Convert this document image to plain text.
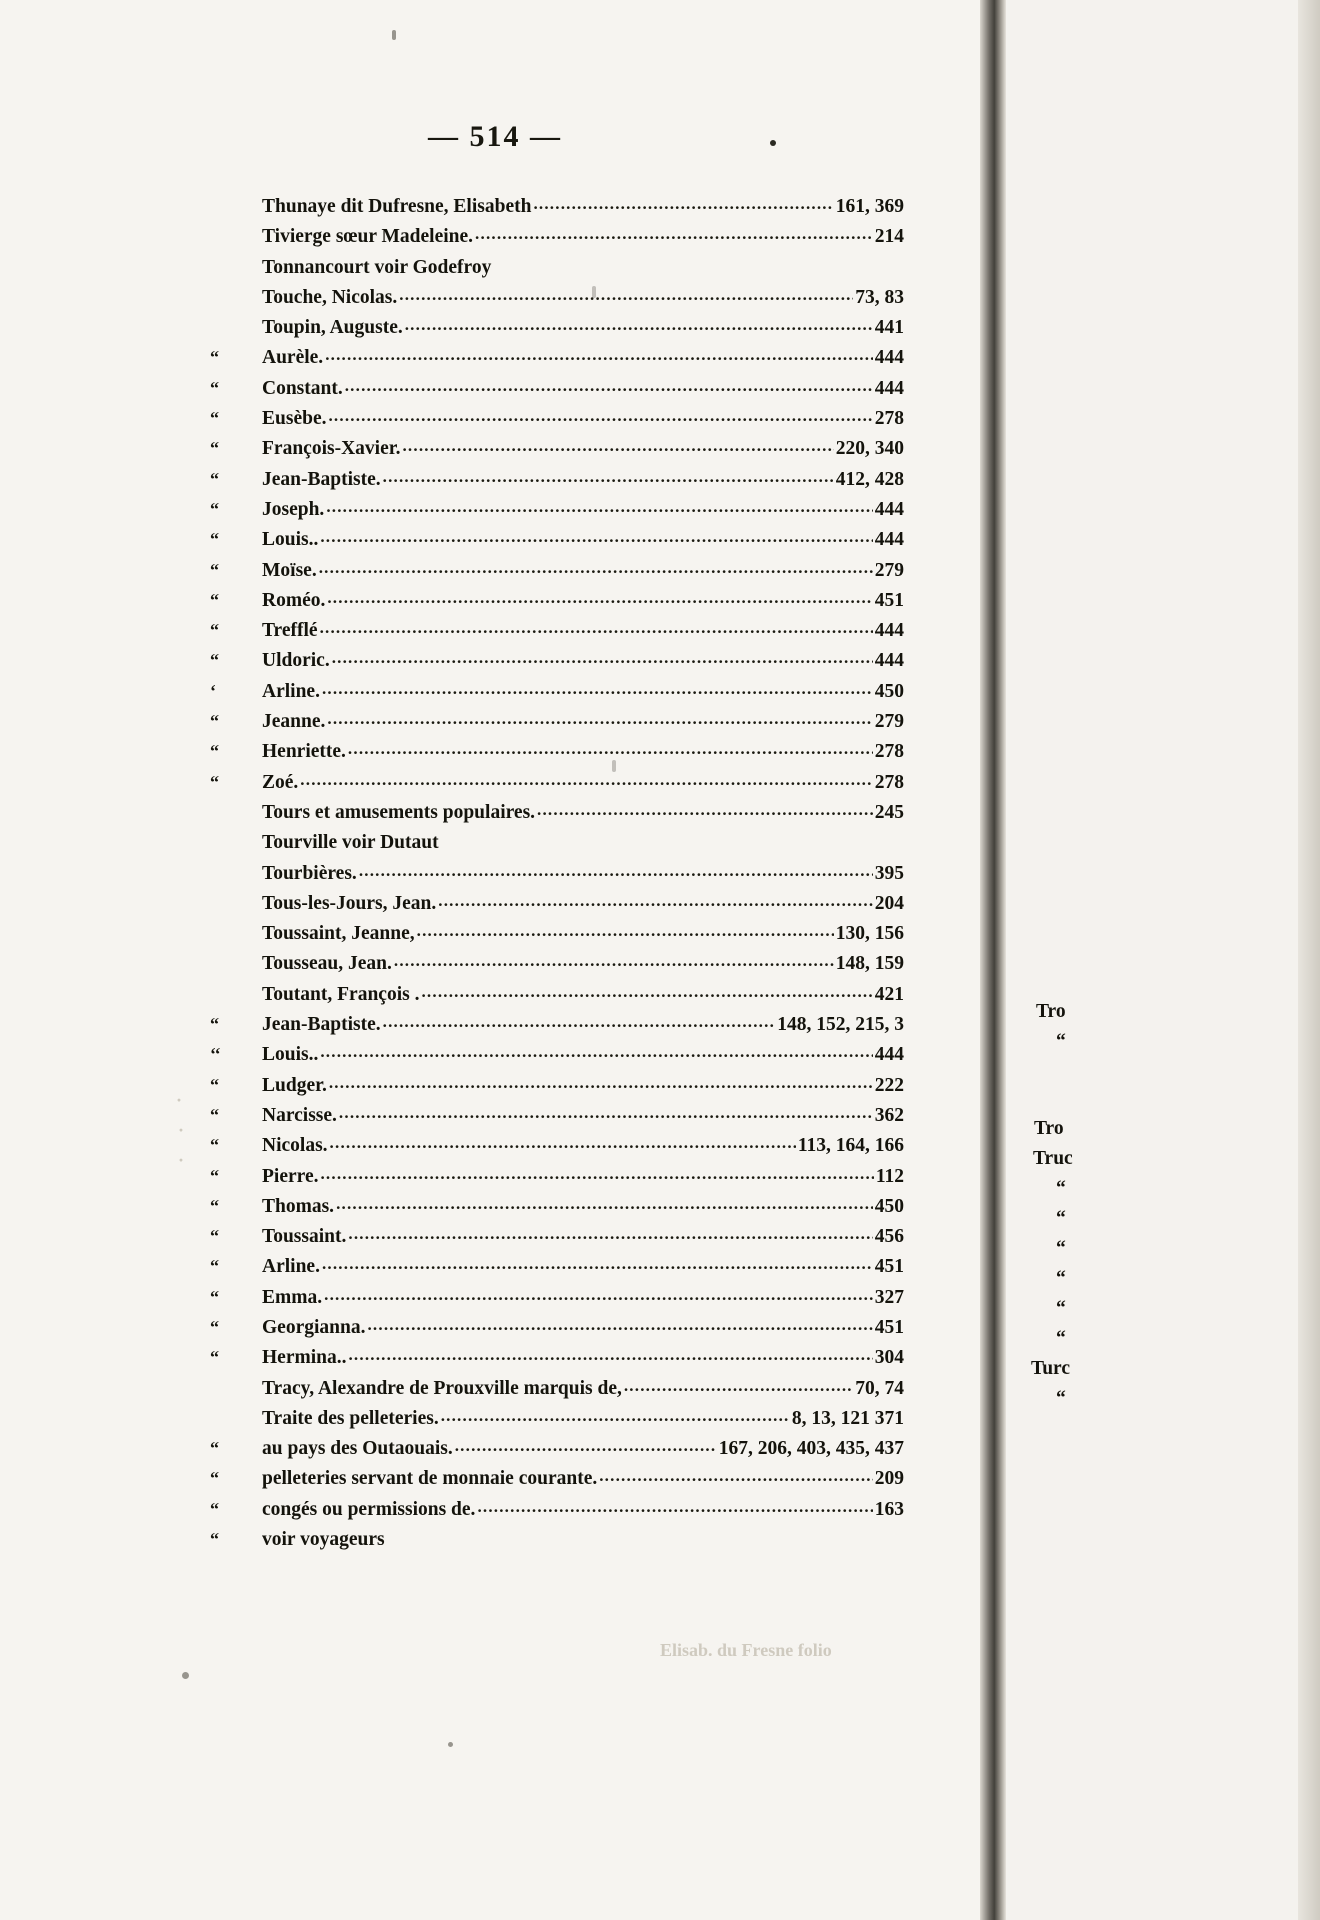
— 514 —
Thunaye dit Dufresne, Elisabeth .....	161, 369
Tivierge sœur Madeleine. .....	214
Tonnancourt voir Godefroy
Touche, Nicolas. .....	73, 83
Toupin, Auguste. .....	441
“	Aurèle. .....	444
“	Constant. .....	444
“	Eusèbe. .....	278
“	François-Xavier. .....	220, 340
“	Jean-Baptiste. .....	412, 428
“	Joseph. .....	444
“	Louis.. .....	444
“	Moïse. .....	279
“	Roméo. .....	451
“	Trefflé .....	444
“	Uldoric. .....	444
‘	Arline. .....	450
“	Jeanne. .....	279
“	Henriette. .....	278
“	Zoé. .....	278
Tours et amusements populaires. .....	245
Tourville voir Dutaut
Tourbières. .....	395
Tous-les-Jours, Jean. .....	204
Toussaint, Jeanne, .....	130, 156
Tousseau, Jean. .....	148, 159
Toutant, François . .....	421
“	Jean-Baptiste. .....	148, 152, 215, 3
‘‘	Louis.. .....	444
“	Ludger. .....	222
“	Narcisse. .....	362
“	Nicolas. .....	113, 164, 166
“	Pierre. .....	112
“	Thomas. .....	450
“	Toussaint. .....	456
“	Arline. .....	451
“	Emma. .....	327
“	Georgianna. .....	451
“	Hermina.. .....	304
Tracy, Alexandre de Prouxville marquis de, .....	70, 74
Traite des pelleteries. .....	8, 13, 121 371
“	au pays des Outaouais. .....	167, 206, 403, 435, 437
“	pelleteries servant de monnaie courante. .....	209
“	congés ou permissions de. .....	163
“	voir voyageurs
·
·
·
Elisab. du Fresne folio
Tro
“
Tro
Truc
“
“
“
“
“
“
Turc
“
